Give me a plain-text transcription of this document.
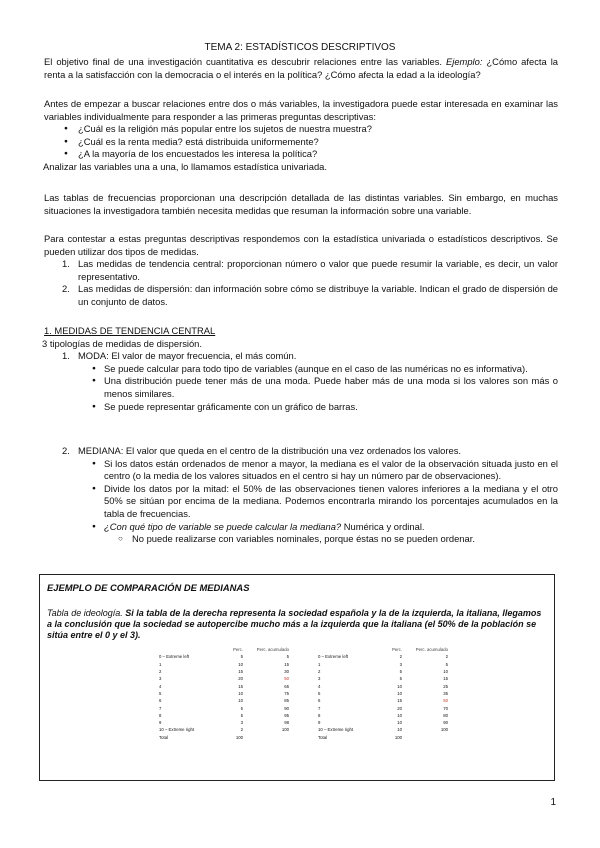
TEMA 2: ESTADÍSTICOS DESCRIPTIVOS

El objetivo final de una investigación cuantitativa es descubrir relaciones entre las variables. Ejemplo: ¿Cómo afecta la renta a la satisfacción con la democracia o el interés en la política? ¿Cómo afecta la edad a la ideología?

Antes de empezar a buscar relaciones entre dos o más variables, la investigadora puede estar interesada en examinar las variables individualmente para responder a las primeras preguntas descriptivas:

● ¿Cuál es la religión más popular entre los sujetos de nuestra muestra?
● ¿Cuál es la renta media? está distribuida uniformemente?
● ¿A la mayoría de los encuestados les interesa la política?

Analizar las variables una a una, lo llamamos estadística univariada.

Las tablas de frecuencias proporcionan una descripción detallada de las distintas variables. Sin embargo, en muchas situaciones la investigadora también necesita medidas que resuman la información sobre una variable.

Para contestar a estas preguntas descriptivas respondemos con la estadística univariada o estadísticos descriptivos. Se pueden utilizar dos tipos de medidas.

1. Las medidas de tendencia central: proporcionan número o valor que puede resumir la variable, es decir, un valor representativo.
2. Las medidas de dispersión: dan información sobre cómo se distribuye la variable. Indican el grado de dispersión de un conjunto de datos.

1. MEDIDAS DE TENDENCIA CENTRAL

3 tipologías de medidas de dispersión.

1. MODA: El valor de mayor frecuencia, el más común.
● Se puede calcular para todo tipo de variables (aunque en el caso de las numéricas no es informativa).
● Una distribución puede tener más de una moda. Puede haber más de una moda si los valores son más o menos similares.
● Se puede representar gráficamente con un gráfico de barras.
2. MEDIANA: El valor que queda en el centro de la distribución una vez ordenados los valores.
● Si los datos están ordenados de menor a mayor, la mediana es el valor de la observación situada justo en el centro (o la media de los valores situados en el centro si hay un número par de observaciones).
● Divide los datos por la mitad: el 50% de las observaciones tienen valores inferiores a la mediana y el otro 50% se sitúan por encima de la mediana. Podemos encontrarla mirando los porcentajes acumulados en la tabla de frecuencias.
● ¿Con qué tipo de variable se puede calcular la mediana? Numérica y ordinal.
○ No puede realizarse con variables nominales, porque éstas no se pueden ordenar.
EJEMPLO DE COMPARACIÓN DE MEDIANAS
Tabla de ideología. Si la tabla de la derecha representa la sociedad española y la de la izquierda, la italiana, llegamos a la conclusión que la sociedad se autopercibe mucho más a la izquierda que la italiana (el 50% de la población se sitúa entre el 0 y el 3).
	Perc.	Perc. acumulado
0 – Extreme left	5	5
1	10	15
2	15	30
3	20	50
4	15	65
5	10	75
6	10	85
7	5	90
8	5	95
9	3	98
10 – Extreme right	2	100
Total	100	
	Perc.	Perc. acumulado
0 – Extreme left	2	2
1	3	5
2	5	10
3	5	15
4	10	25
5	10	35
6	15	50
7	20	70
8	10	80
9	10	90
10 – Extreme right	10	100
Total	100	
1
